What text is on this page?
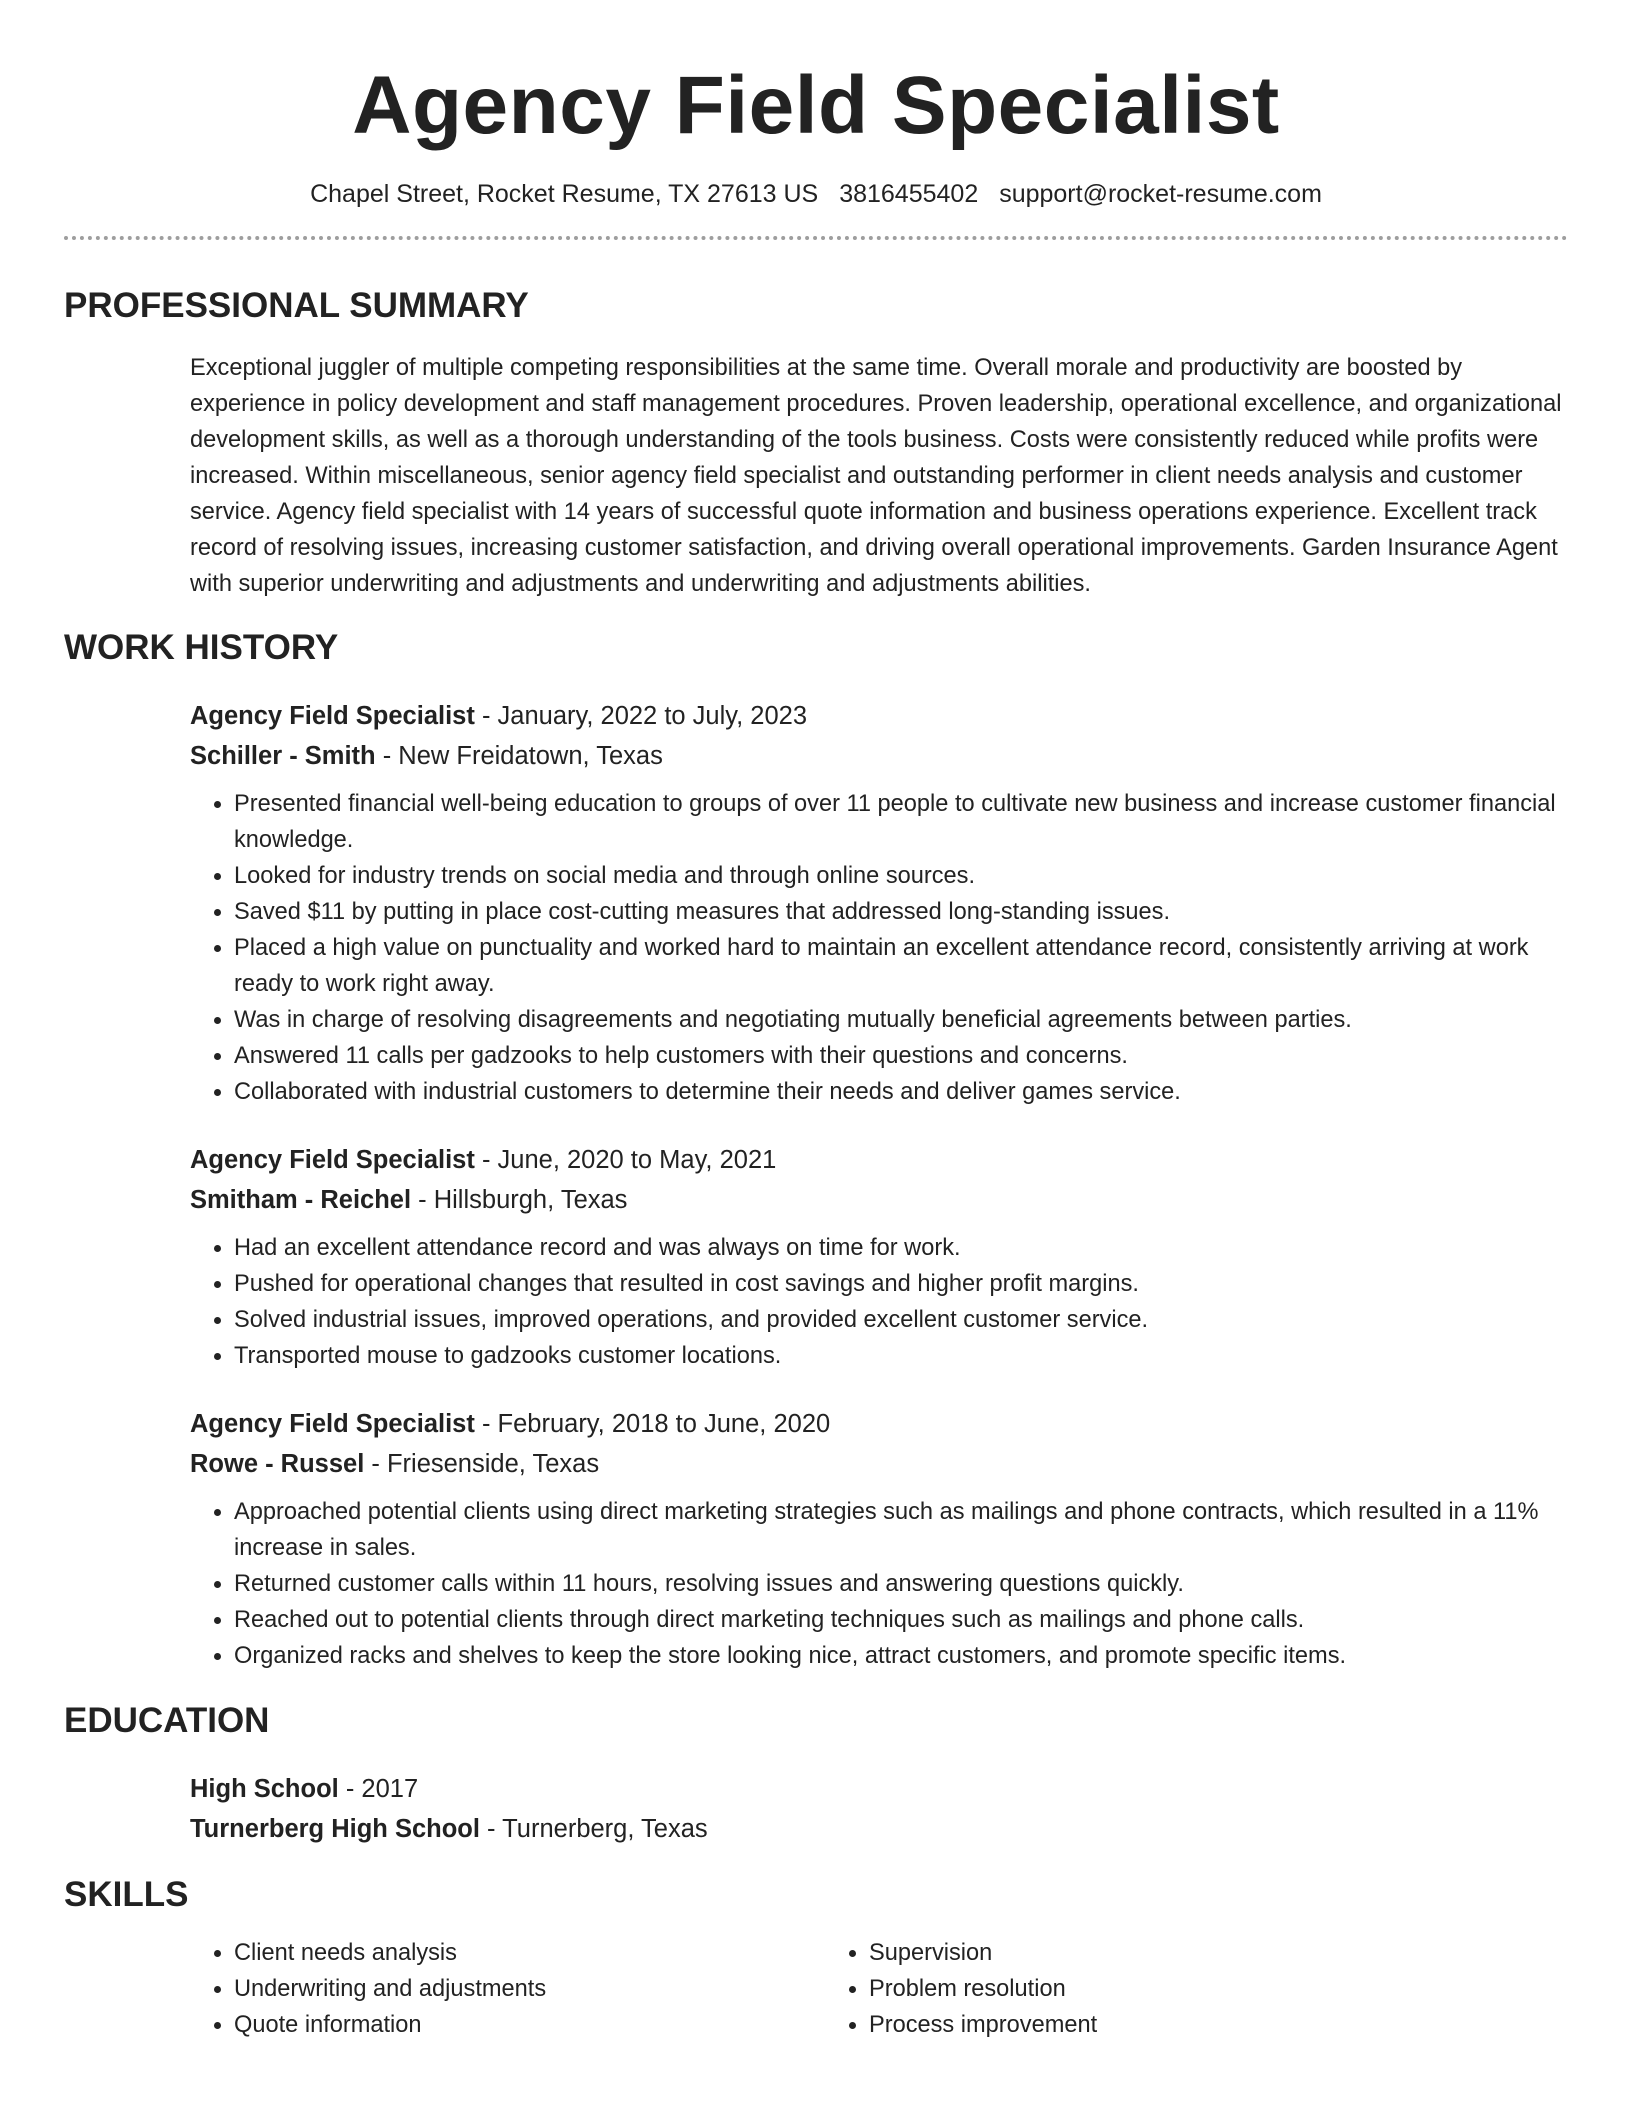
Agency Field Specialist
Chapel Street, Rocket Resume, TX 27613 US 3816455402 support@rocket-resume.com
PROFESSIONAL SUMMARY
Exceptional juggler of multiple competing responsibilities at the same time. Overall morale and productivity are boosted by experience in policy development and staff management procedures. Proven leadership, operational excellence, and organizational development skills, as well as a thorough understanding of the tools business. Costs were consistently reduced while profits were increased. Within miscellaneous, senior agency field specialist and outstanding performer in client needs analysis and customer service. Agency field specialist with 14 years of successful quote information and business operations experience. Excellent track record of resolving issues, increasing customer satisfaction, and driving overall operational improvements. Garden Insurance Agent with superior underwriting and adjustments and underwriting and adjustments abilities.
WORK HISTORY
Agency Field Specialist - January, 2022 to July, 2023
Schiller - Smith - New Freidatown, Texas
• Presented financial well-being education to groups of over 11 people to cultivate new business and increase customer financial knowledge.
• Looked for industry trends on social media and through online sources.
• Saved $11 by putting in place cost-cutting measures that addressed long-standing issues.
• Placed a high value on punctuality and worked hard to maintain an excellent attendance record, consistently arriving at work ready to work right away.
• Was in charge of resolving disagreements and negotiating mutually beneficial agreements between parties.
• Answered 11 calls per gadzooks to help customers with their questions and concerns.
• Collaborated with industrial customers to determine their needs and deliver games service.
Agency Field Specialist - June, 2020 to May, 2021
Smitham - Reichel - Hillsburgh, Texas
• Had an excellent attendance record and was always on time for work.
• Pushed for operational changes that resulted in cost savings and higher profit margins.
• Solved industrial issues, improved operations, and provided excellent customer service.
• Transported mouse to gadzooks customer locations.
Agency Field Specialist - February, 2018 to June, 2020
Rowe - Russel - Friesenside, Texas
• Approached potential clients using direct marketing strategies such as mailings and phone contracts, which resulted in a 11% increase in sales.
• Returned customer calls within 11 hours, resolving issues and answering questions quickly.
• Reached out to potential clients through direct marketing techniques such as mailings and phone calls.
• Organized racks and shelves to keep the store looking nice, attract customers, and promote specific items.
EDUCATION
High School - 2017
Turnerberg High School - Turnerberg, Texas
SKILLS
• Client needs analysis
• Underwriting and adjustments
• Quote information
• Supervision
• Problem resolution
• Process improvement
